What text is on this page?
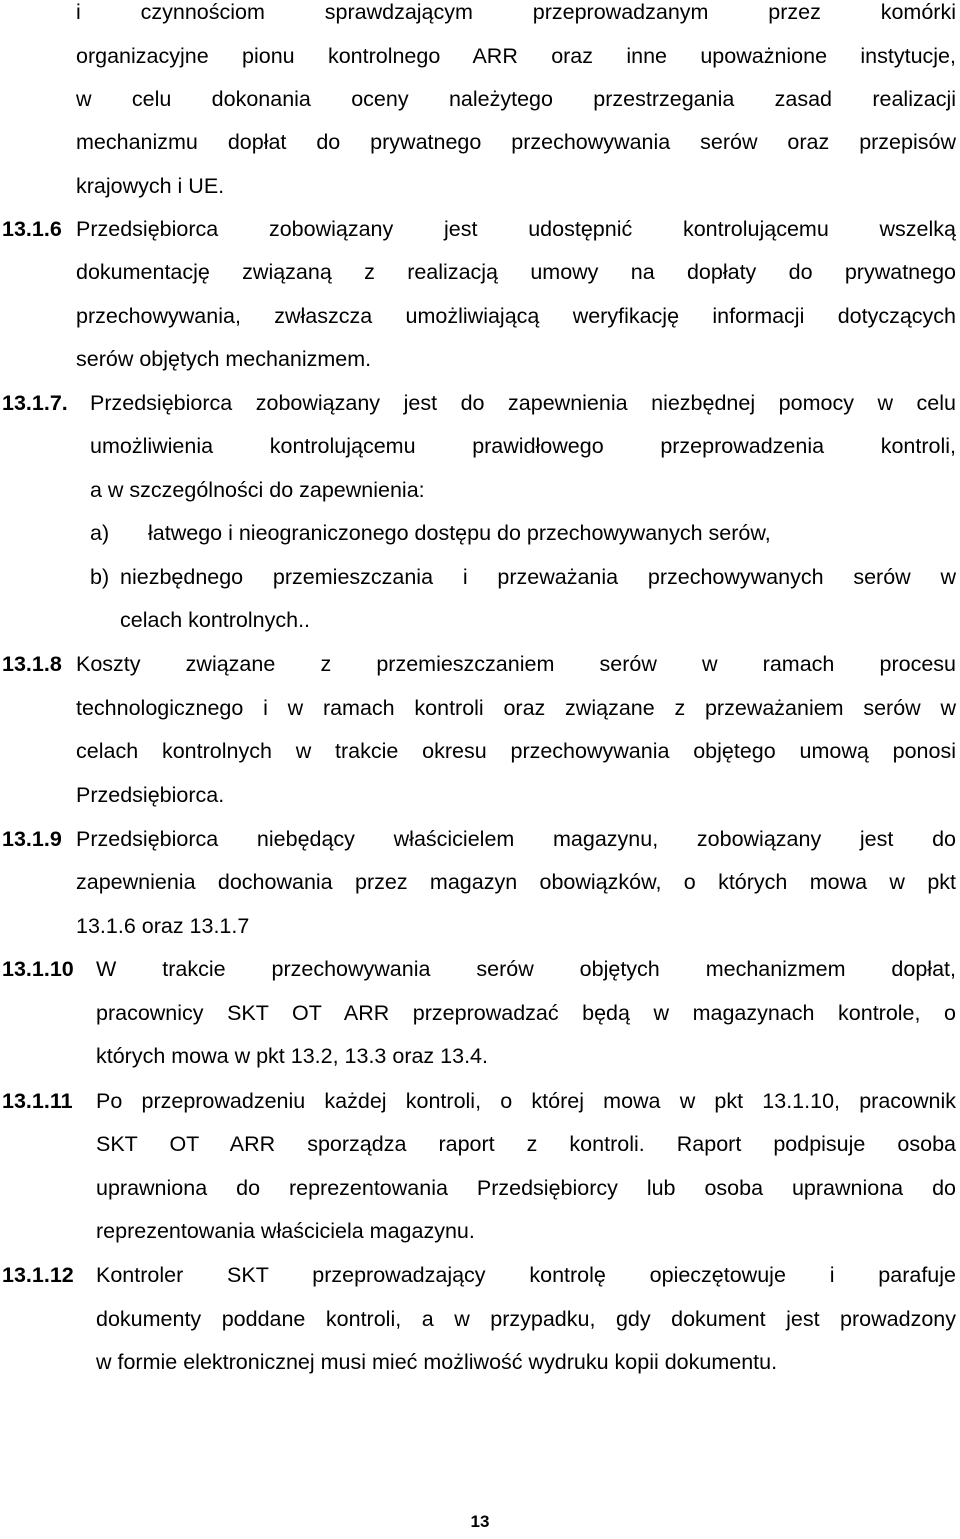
i czynnościom sprawdzającym przeprowadzanym przez komórki
organizacyjne pionu kontrolnego ARR oraz inne upoważnione instytucje,
w celu dokonania oceny należytego przestrzegania zasad realizacji
mechanizmu dopłat do prywatnego przechowywania serów oraz przepisów
krajowych i UE.
13.1.6 Przedsiębiorca zobowiązany jest udostępnić kontrolującemu wszelką
dokumentację związaną z realizacją umowy na dopłaty do prywatnego
przechowywania, zwłaszcza umożliwiającą weryfikację informacji dotyczących
serów objętych mechanizmem.
13.1.7. Przedsiębiorca zobowiązany jest do zapewnienia niezbędnej pomocy w celu
umożliwienia kontrolującemu prawidłowego przeprowadzenia kontroli,
a w szczególności do zapewnienia:
a)	łatwego i nieograniczonego dostępu do przechowywanych serów,
b) niezbędnego przemieszczania i przeważania przechowywanych serów w
celach kontrolnych..
13.1.8 Koszty związane z przemieszczaniem serów w ramach procesu
technologicznego i w ramach kontroli oraz związane z przeważaniem serów w
celach kontrolnych w trakcie okresu przechowywania objętego umową ponosi
Przedsiębiorca.
13.1.9 Przedsiębiorca niebędący właścicielem magazynu, zobowiązany jest do
zapewnienia dochowania przez magazyn obowiązków, o których mowa w pkt
13.1.6 oraz 13.1.7
13.1.10 W trakcie przechowywania serów objętych mechanizmem dopłat,
pracownicy SKT OT ARR przeprowadzać będą w magazynach kontrole, o
których mowa w pkt 13.2, 13.3 oraz 13.4.
13.1.11 Po przeprowadzeniu każdej kontroli, o której mowa w pkt 13.1.10, pracownik
SKT OT ARR sporządza raport z kontroli. Raport podpisuje osoba
uprawniona do reprezentowania Przedsiębiorcy lub osoba uprawniona do
reprezentowania właściciela magazynu.
13.1.12 Kontroler SKT przeprowadzający kontrolę opieczętowuje i parafuje
dokumenty poddane kontroli, a w przypadku, gdy dokument jest prowadzony
w formie elektronicznej musi mieć możliwość wydruku kopii dokumentu.
13
